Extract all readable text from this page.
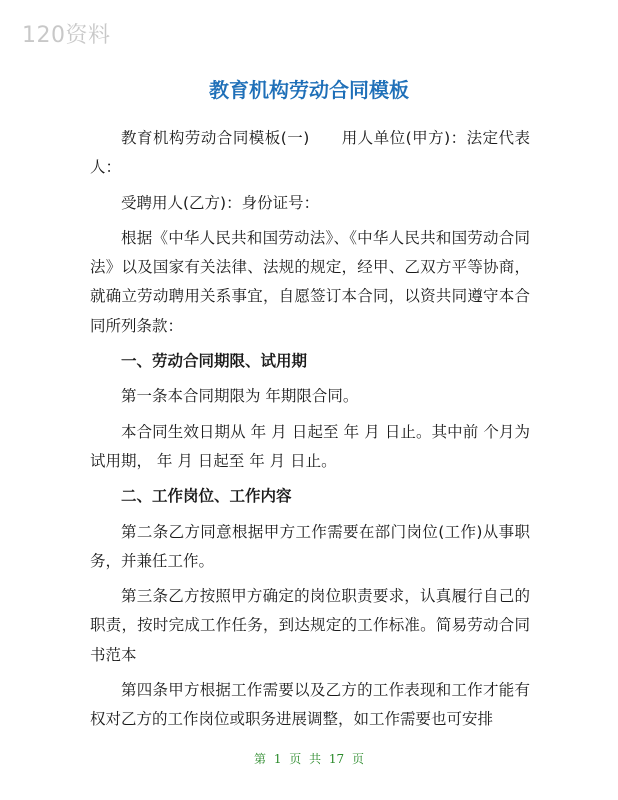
120资料
教育机构劳动合同模板

教育机构劳动合同模板(一)　　用人单位(甲方)：法定代表人：

受聘用人(乙方)：身份证号：

根据《中华人民共和国劳动法》、《中华人民共和国劳动合同法》以及国家有关法律、法规的规定，经甲、乙双方平等协商，就确立劳动聘用关系事宜，自愿签订本合同，以资共同遵守本合同所列条款：

一、劳动合同期限、试用期

第一条本合同期限为 年期限合同。

本合同生效日期从 年 月 日起至 年 月 日止。其中前 个月为试用期， 年 月 日起至 年 月 日止。

二、工作岗位、工作内容

第二条乙方同意根据甲方工作需要在部门岗位(工作)从事职务，并兼任工作。

第三条乙方按照甲方确定的岗位职责要求，认真履行自己的职责，按时完成工作任务，到达规定的工作标准。简易劳动合同书范本

第四条甲方根据工作需要以及乙方的工作表现和工作才能有权对乙方的工作岗位或职务进展调整，如工作需要也可安排

第 1 页 共 17 页
